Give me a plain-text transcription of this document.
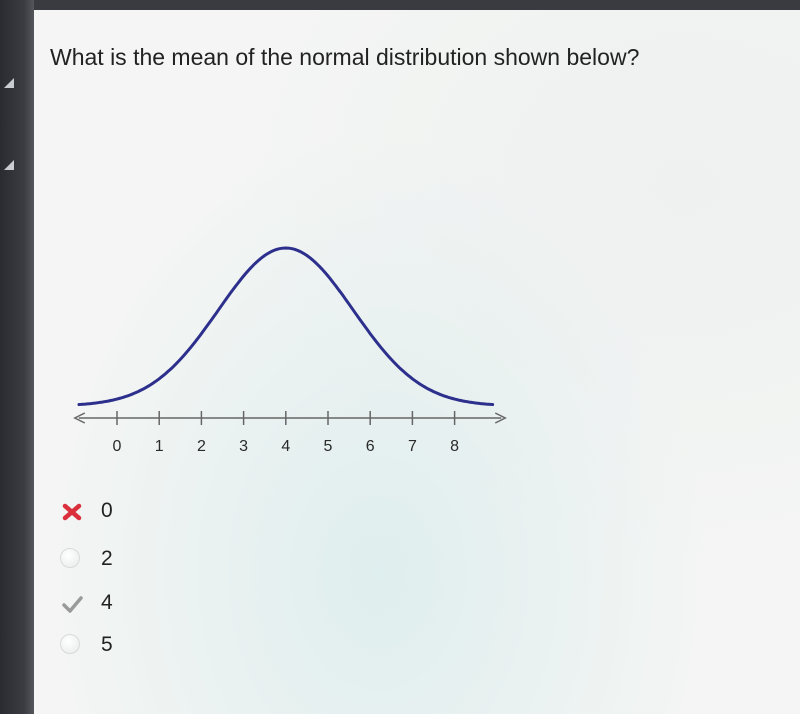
What is the mean of the normal distribution shown below?
0 1 2 3 4 5 6 7 8
0
2
4
5
